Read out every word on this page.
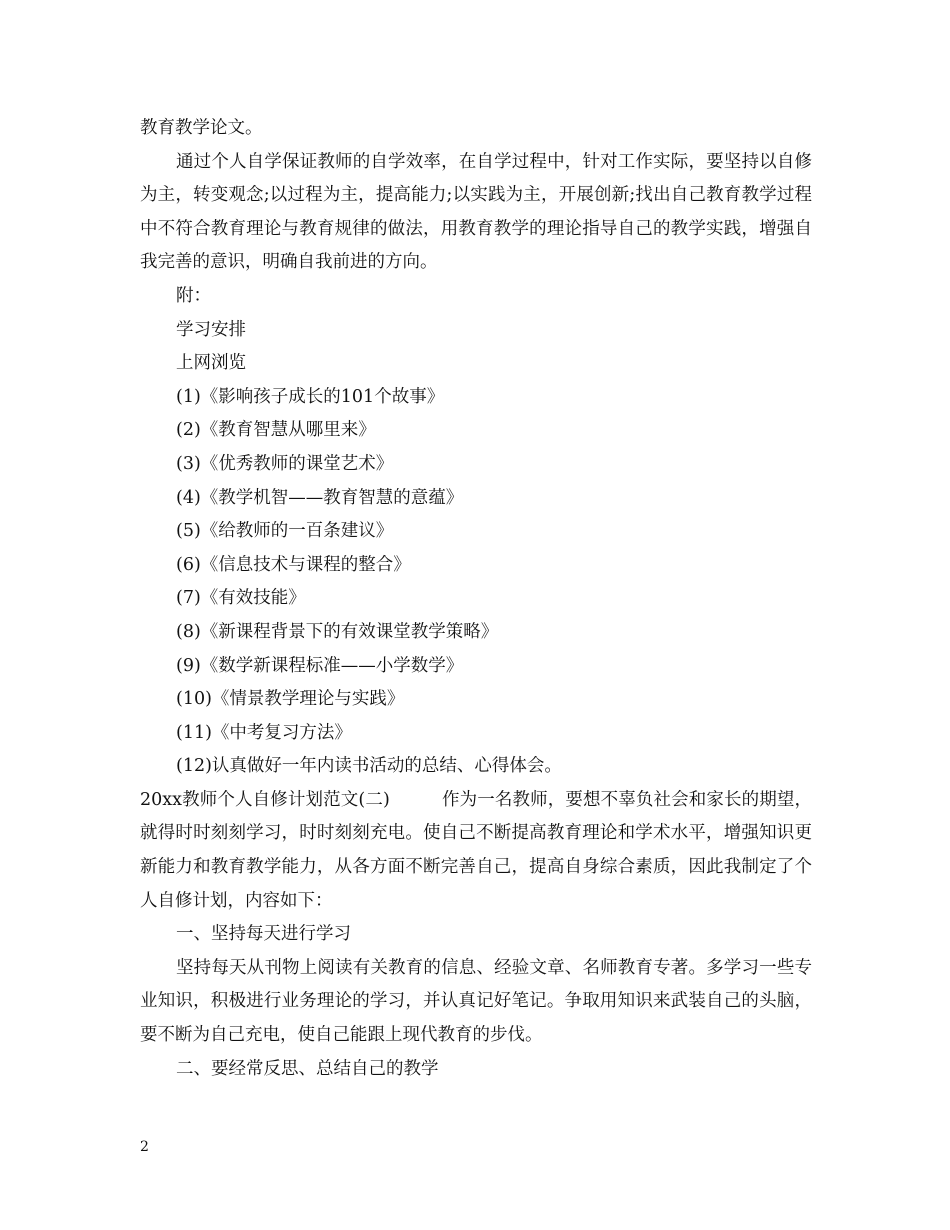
教育教学论文。

通过个人自学保证教师的自学效率，在自学过程中，针对工作实际，要坚持以自修为主，转变观念;以过程为主，提高能力;以实践为主，开展创新;找出自己教育教学过程中不符合教育理论与教育规律的做法，用教育教学的理论指导自己的教学实践，增强自我完善的意识，明确自我前进的方向。

附：

学习安排

上网浏览

(1)《影响孩子成长的101个故事》

(2)《教育智慧从哪里来》

(3)《优秀教师的课堂艺术》

(4)《教学机智——教育智慧的意蕴》

(5)《给教师的一百条建议》

(6)《信息技术与课程的整合》

(7)《有效技能》

(8)《新课程背景下的有效课堂教学策略》

(9)《数学新课程标准——小学数学》

(10)《情景教学理论与实践》

(11)《中考复习方法》

(12)认真做好一年内读书活动的总结、心得体会。

20xx教师个人自修计划范文(二)	作为一名教师，要想不辜负社会和家长的期望，就得时时刻刻学习，时时刻刻充电。使自己不断提高教育理论和学术水平，增强知识更新能力和教育教学能力，从各方面不断完善自己，提高自身综合素质，因此我制定了个人自修计划，内容如下：

一、坚持每天进行学习

坚持每天从刊物上阅读有关教育的信息、经验文章、名师教育专著。多学习一些专业知识，积极进行业务理论的学习，并认真记好笔记。争取用知识来武装自己的头脑，要不断为自己充电，使自己能跟上现代教育的步伐。

二、要经常反思、总结自己的教学

2
